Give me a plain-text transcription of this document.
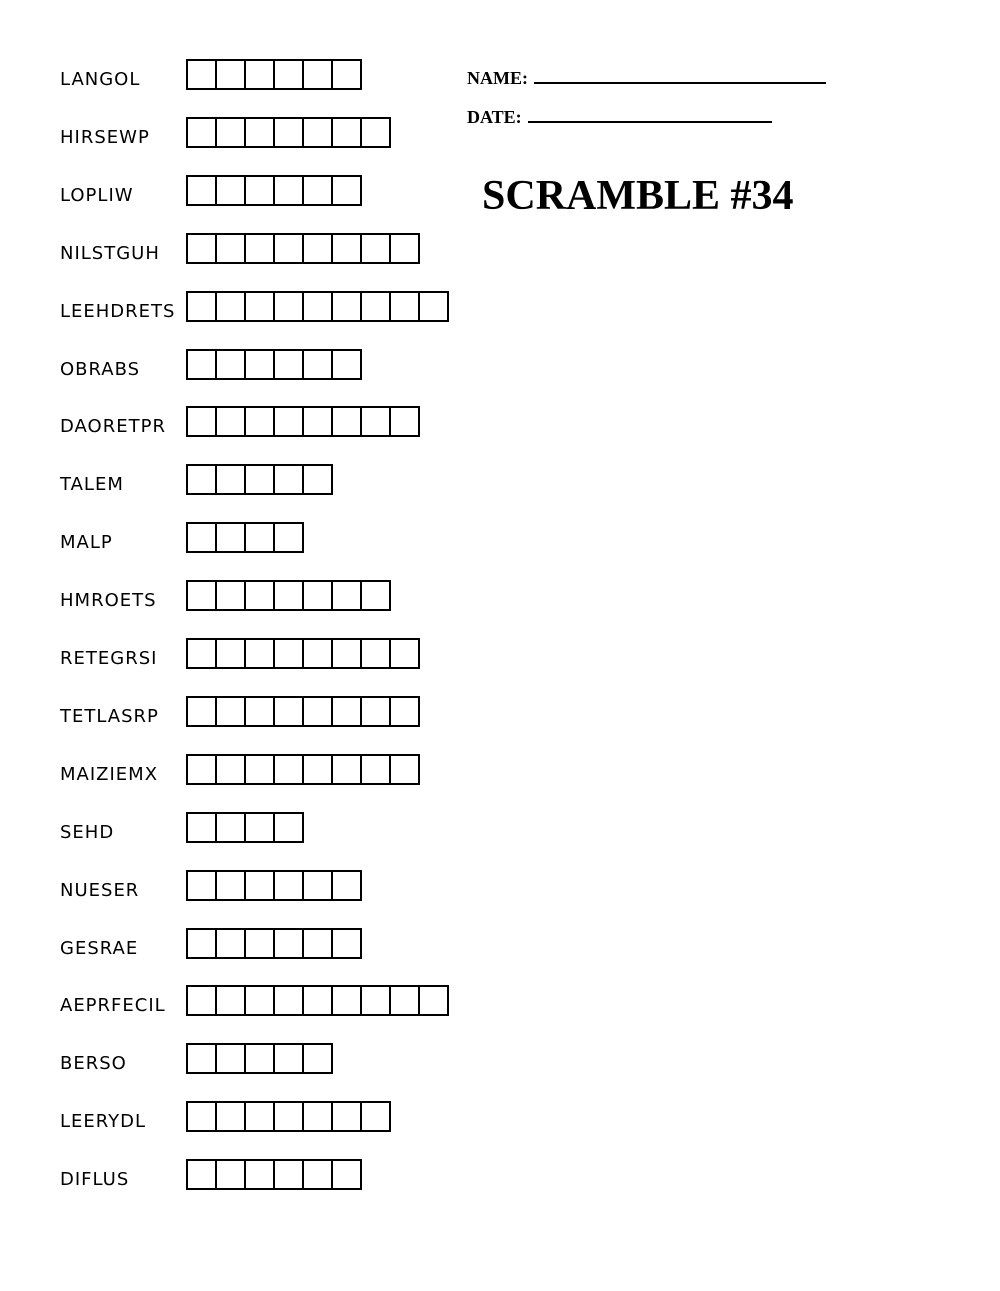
LANGOL
HIRSEWP
LOPLIW
NILSTGUH
LEEHDRETS
OBRABS
DAORETPR
TALEM
MALP
HMROETS
RETEGRSI
TETLASRP
MAIZIEMX
SEHD
NUESER
GESRAE
AEPRFECIL
BERSO
LEERYDL
DIFLUS
NAME:
DATE:
SCRAMBLE #34
